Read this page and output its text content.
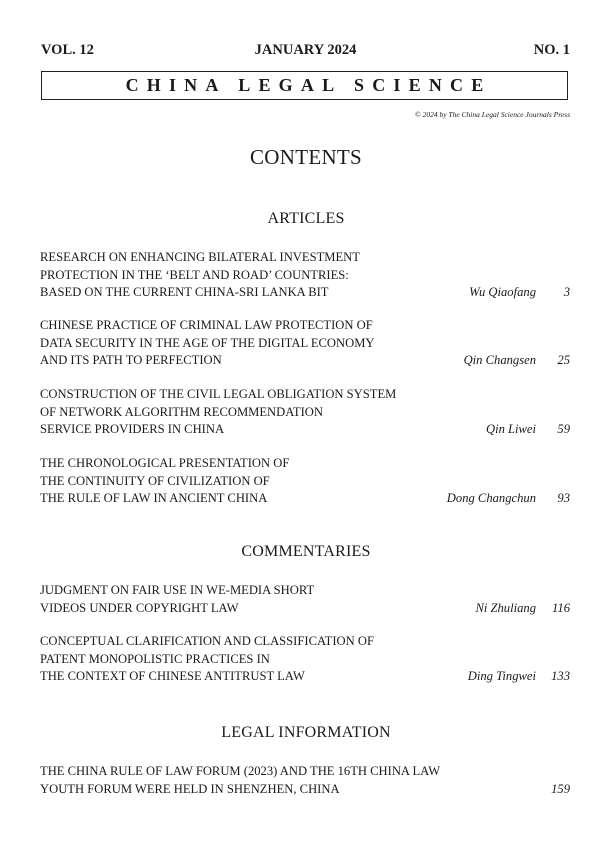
VOL. 12	JANUARY 2024	NO. 1
CHINA LEGAL SCIENCE
© 2024 by The China Legal Science Journals Press
CONTENTS
ARTICLES
RESEARCH ON ENHANCING BILATERAL INVESTMENT
PROTECTION IN THE ‘BELT AND ROAD’ COUNTRIES:
BASED ON THE CURRENT CHINA-SRI LANKA BIT	Wu Qiaofang 3
CHINESE PRACTICE OF CRIMINAL LAW PROTECTION OF
DATA SECURITY IN THE AGE OF THE DIGITAL ECONOMY
AND ITS PATH TO PERFECTION	Qin Changsen 25
CONSTRUCTION OF THE CIVIL LEGAL OBLIGATION SYSTEM
OF NETWORK ALGORITHM RECOMMENDATION
SERVICE PROVIDERS IN CHINA	Qin Liwei 59
THE CHRONOLOGICAL PRESENTATION OF
THE CONTINUITY OF CIVILIZATION OF
THE RULE OF LAW IN ANCIENT CHINA	Dong Changchun 93
COMMENTARIES
JUDGMENT ON FAIR USE IN WE-MEDIA SHORT
VIDEOS UNDER COPYRIGHT LAW	Ni Zhuliang 116
CONCEPTUAL CLARIFICATION AND CLASSIFICATION OF
PATENT MONOPOLISTIC PRACTICES IN
THE CONTEXT OF CHINESE ANTITRUST LAW	Ding Tingwei 133
LEGAL INFORMATION
THE CHINA RULE OF LAW FORUM (2023) AND THE 16TH CHINA LAW
YOUTH FORUM WERE HELD IN SHENZHEN, CHINA	159
